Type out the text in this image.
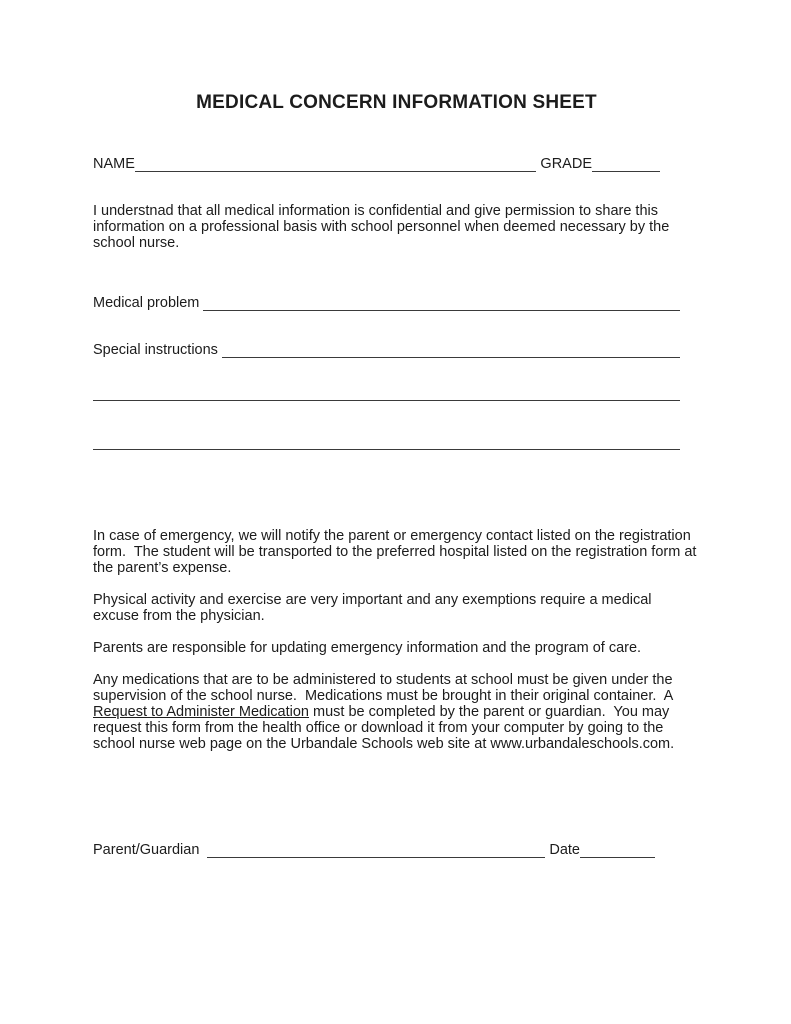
MEDICAL CONCERN INFORMATION SHEET
NAME	GRADE

I understnad that all medical information is confidential and give permission to share this information on a professional basis with school personnel when deemed necessary by the school nurse.

Medical problem
Special instructions

In case of emergency, we will notify the parent or emergency contact listed on the registration form.  The student will be transported to the preferred hospital listed on the registration form at the parent’s expense.

Physical activity and exercise are very important and any exemptions require a medical excuse from the physician.

Parents are responsible for updating emergency information and the program of care.

Any medications that are to be administered to students at school must be given under the supervision of the school nurse.  Medications must be brought in their original container.  A Request to Administer Medication must be completed by the parent or guardian.  You may request this form from the health office or download it from your computer by going to the school nurse web page on the Urbandale Schools web site at www.urbandaleschools.com.

Parent/Guardian	Date
